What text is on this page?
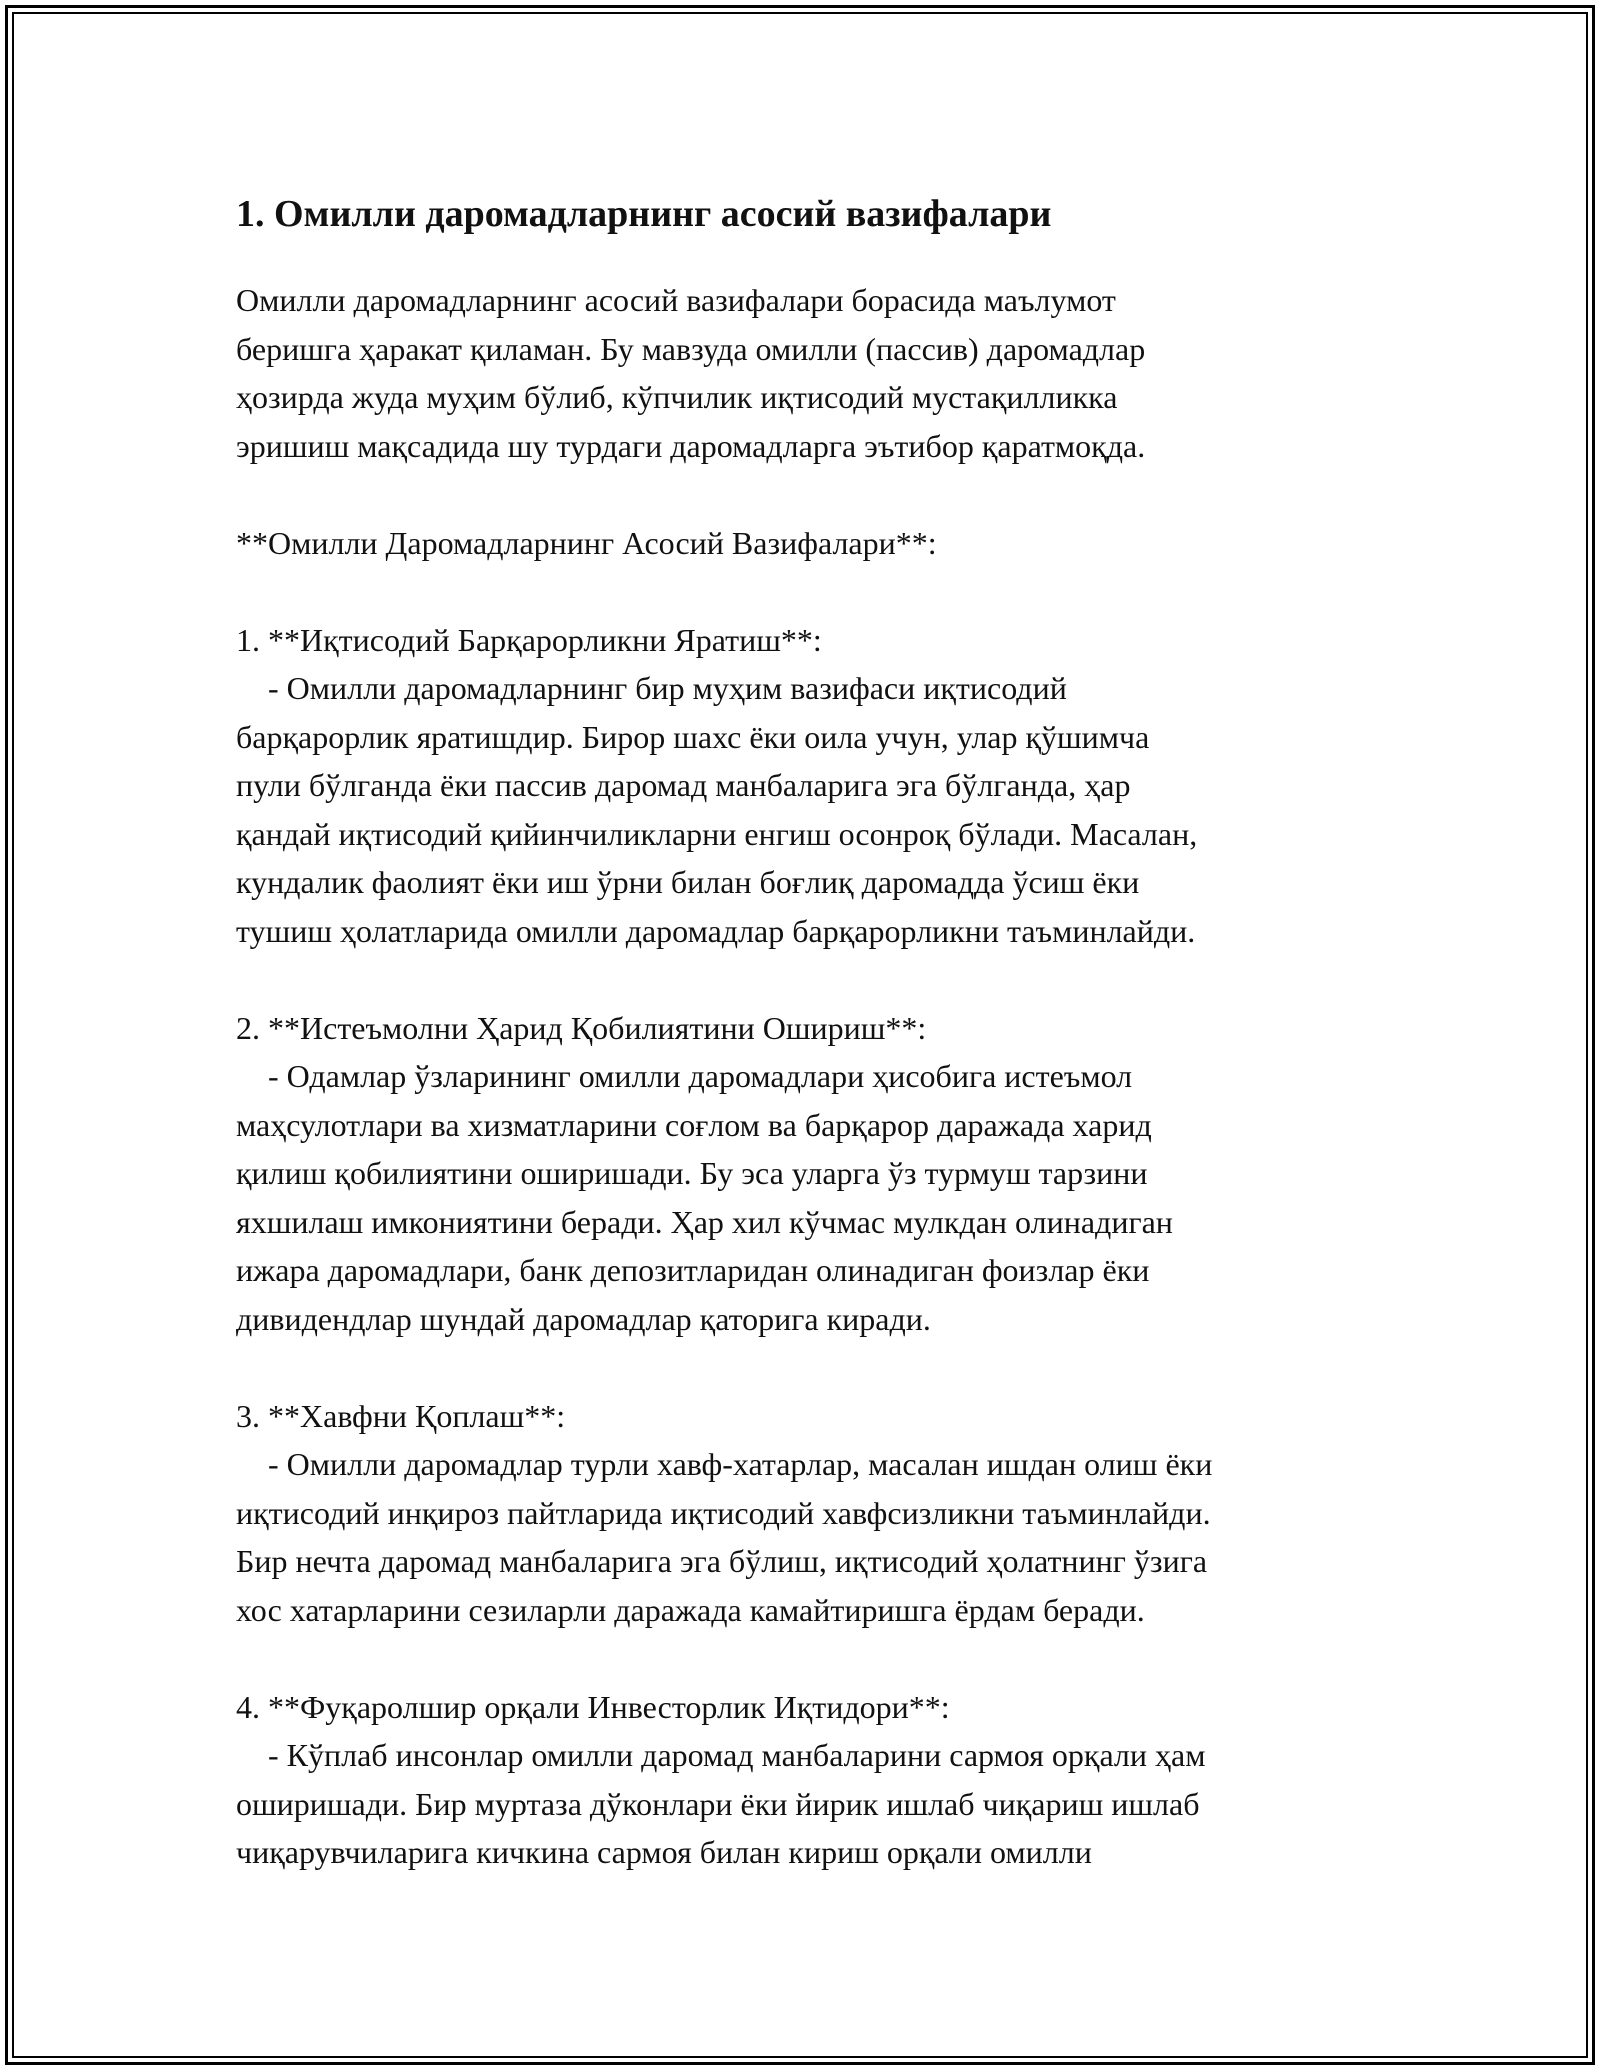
1. Омилли даромадларнинг асосий вазифалари
Омилли даромадларнинг асосий вазифалари борасида маълумот
беришга ҳаракат қиламан. Бу мавзуда омилли (пассив) даромадлар
ҳозирда жуда муҳим бўлиб, кўпчилик иқтисодий мустақилликка
эришиш мақсадида шу турдаги даромадларга эътибор қаратмоқда.
**Омилли Даромадларнинг Асосий Вазифалари**:
1. **Иқтисодий Барқарорликни Яратиш**:
- Омилли даромадларнинг бир муҳим вазифаси иқтисодий
барқарорлик яратишдир. Бирор шахс ёки оила учун, улар қўшимча
пули бўлганда ёки пассив даромад манбаларига эга бўлганда, ҳар
қандай иқтисодий қийинчиликларни енгиш осонроқ бўлади. Масалан,
кундалик фаолият ёки иш ўрни билан боғлиқ даромадда ўсиш ёки
тушиш ҳолатларида омилли даромадлар барқарорликни таъминлайди.
2. **Истеъмолни Ҳарид Қобилиятини Ошириш**:
- Одамлар ўзларининг омилли даромадлари ҳисобига истеъмол
маҳсулотлари ва хизматларини соғлом ва барқарор даражада харид
қилиш қобилиятини оширишади. Бу эса уларга ўз турмуш тарзини
яхшилаш имкониятини беради. Ҳар хил кўчмас мулкдан олинадиган
ижара даромадлари, банк депозитларидан олинадиган фоизлар ёки
дивидендлар шундай даромадлар қаторига киради.
3. **Хавфни Қоплаш**:
- Омилли даромадлар турли хавф-хатарлар, масалан ишдан олиш ёки
иқтисодий инқироз пайтларида иқтисодий хавфсизликни таъминлайди.
Бир нечта даромад манбаларига эга бўлиш, иқтисодий ҳолатнинг ўзига
хос хатарларини сезиларли даражада камайтиришга ёрдам беради.
4. **Фуқаролшир орқали Инвесторлик Иқтидори**:
- Кўплаб инсонлар омилли даромад манбаларини сармоя орқали ҳам
оширишади. Бир муртаза дўконлари ёки йирик ишлаб чиқариш ишлаб
чиқарувчиларига кичкина сармоя билан кириш орқали омилли
